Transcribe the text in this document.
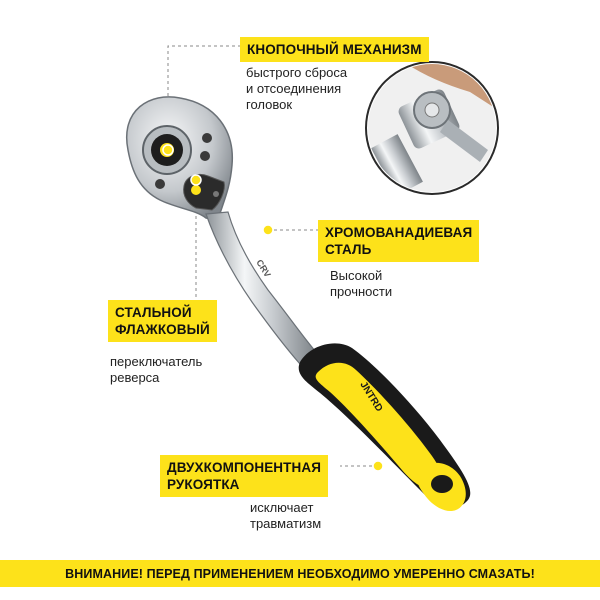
CRV
JNTRD
КНОПОЧНЫЙ МЕХАНИЗМ
быстрого сброса
и отсоединения
головок
ХРОМОВАНАДИЕВАЯ
СТАЛЬ
Высокой
прочности
СТАЛЬНОЙ
ФЛАЖКОВЫЙ
переключатель
реверса
ДВУХКОМПОНЕНТНАЯ
РУКОЯТКА
исключает
травматизм
ВНИМАНИЕ! ПЕРЕД ПРИМЕНЕНИЕМ НЕОБХОДИМО УМЕРЕННО СМАЗАТЬ!
